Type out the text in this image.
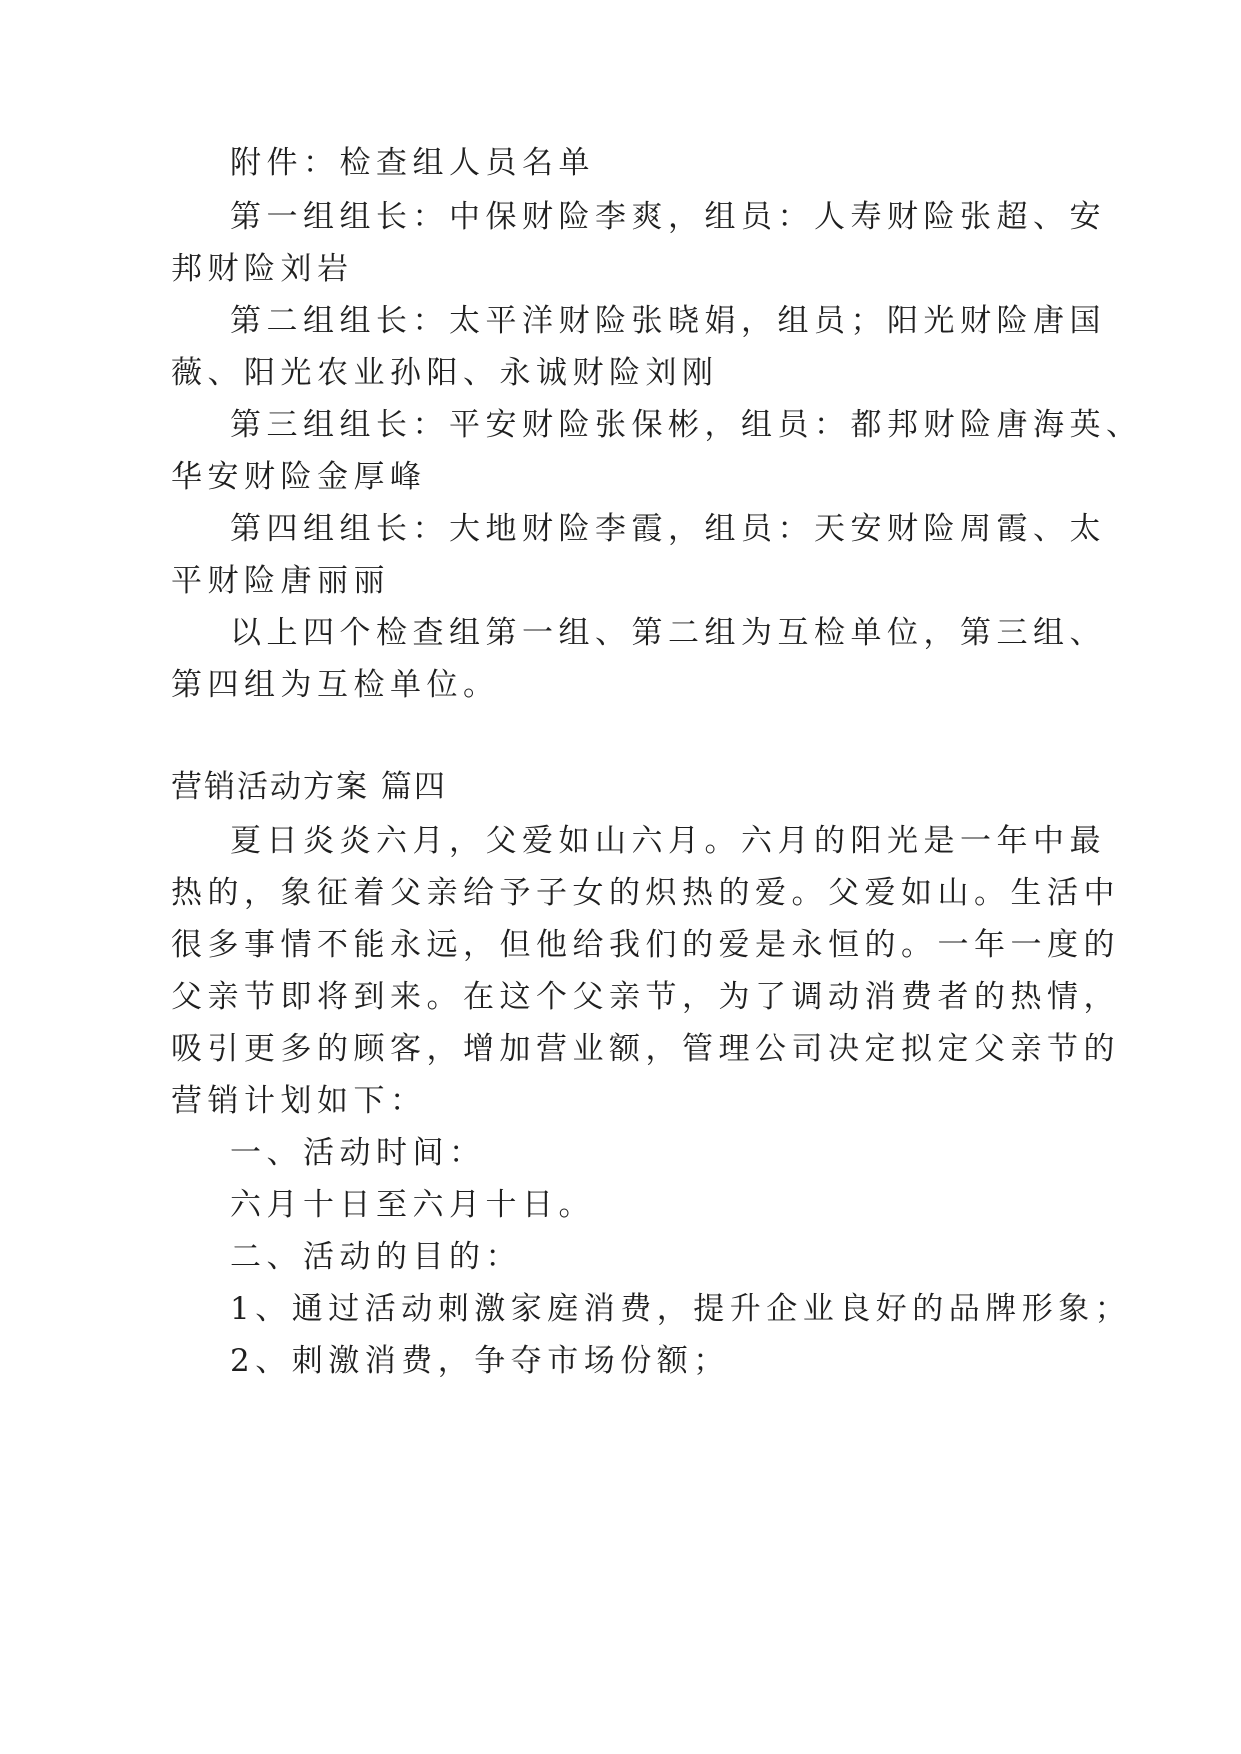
附件：检查组人员名单

第一组组长：中保财险李爽，组员：人寿财险张超、安

邦财险刘岩

第二组组长：太平洋财险张晓娟，组员；阳光财险唐国

薇、阳光农业孙阳、永诚财险刘刚

第三组组长：平安财险张保彬，组员：都邦财险唐海英、

华安财险金厚峰

第四组组长：大地财险李霞，组员：天安财险周霞、太

平财险唐丽丽

以上四个检查组第一组、第二组为互检单位，第三组、

第四组为互检单位。

营销活动方案 篇四

夏日炎炎六月，父爱如山六月。六月的阳光是一年中最

热的，象征着父亲给予子女的炽热的爱。父爱如山。生活中

很多事情不能永远，但他给我们的爱是永恒的。一年一度的

父亲节即将到来。在这个父亲节，为了调动消费者的热情，

吸引更多的顾客，增加营业额，管理公司决定拟定父亲节的

营销计划如下：

一、活动时间：

六月十日至六月十日。

二、活动的目的：

1、通过活动刺激家庭消费，提升企业良好的品牌形象；

2、刺激消费，争夺市场份额；
